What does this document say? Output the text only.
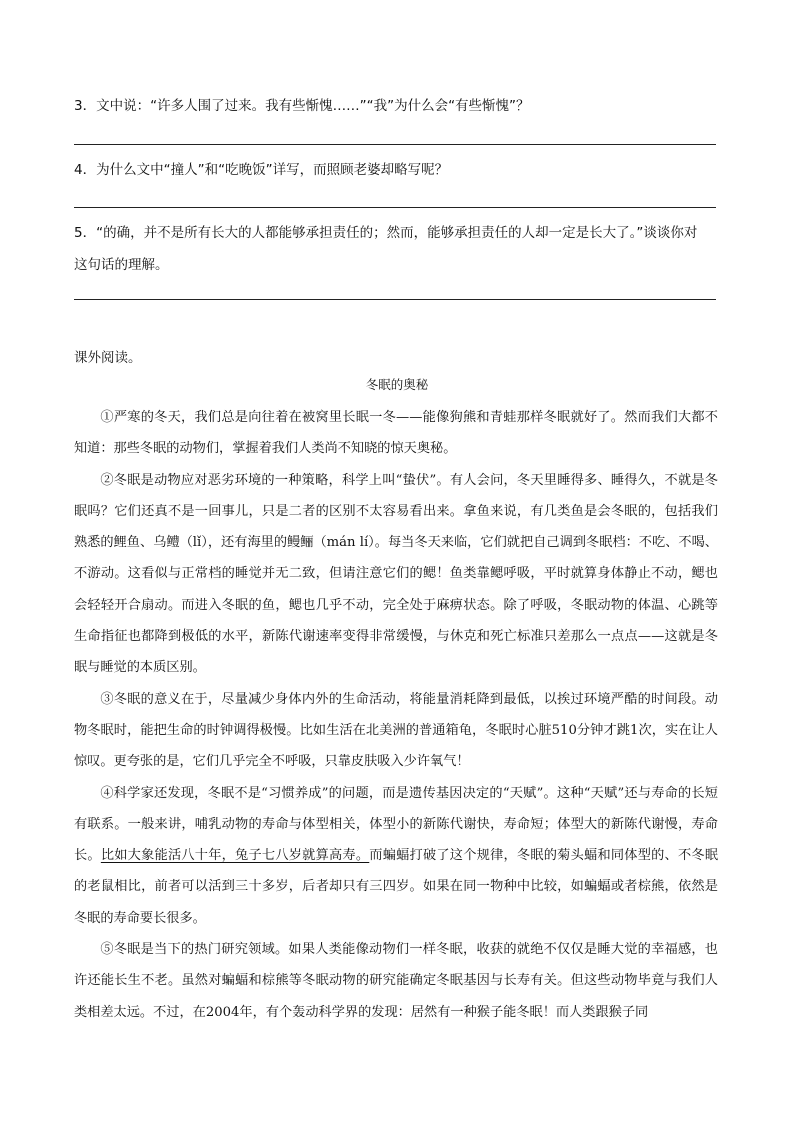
3．文中说：“许多人围了过来。我有些惭愧……”“我”为什么会“有些惭愧”？
4．为什么文中“撞人”和“吃晚饭”详写，而照顾老婆却略写呢？
5．“的确，并不是所有长大的人都能够承担责任的；然而，能够承担责任的人却一定是长大了。”谈谈你对
这句话的理解。
课外阅读。
冬眠的奥秘

①严寒的冬天，我们总是向往着在被窝里长眠一冬——能像狗熊和青蛙那样冬眠就好了。然而我们大都不知道：那些冬眠的动物们，掌握着我们人类尚不知晓的惊天奥秘。

②冬眠是动物应对恶劣环境的一种策略，科学上叫“蛰伏”。有人会问，冬天里睡得多、睡得久，不就是冬眠吗？它们还真不是一回事儿，只是二者的区别不太容易看出来。拿鱼来说，有几类鱼是会冬眠的，包括我们熟悉的鲤鱼、乌鳢（lǐ），还有海里的鳗鲡（mán lí）。每当冬天来临，它们就把自己调到冬眠档：不吃、不喝、不游动。这看似与正常档的睡觉并无二致，但请注意它们的鳃！鱼类靠鳃呼吸，平时就算身体静止不动，鳃也会轻轻开合扇动。而进入冬眠的鱼，鳃也几乎不动，完全处于麻痹状态。除了呼吸，冬眠动物的体温、心跳等生命指征也都降到极低的水平，新陈代谢速率变得非常缓慢，与休克和死亡标准只差那么一点点——这就是冬眠与睡觉的本质区别。

③冬眠的意义在于，尽量减少身体内外的生命活动，将能量消耗降到最低，以挨过环境严酷的时间段。动物冬眠时，能把生命的时钟调得极慢。比如生活在北美洲的普通箱龟，冬眠时心脏510分钟才跳1次，实在让人惊叹。更夸张的是，它们几乎完全不呼吸，只靠皮肤吸入少许氧气！

④科学家还发现，冬眠不是“习惯养成”的问题，而是遗传基因决定的“天赋”。这种“天赋”还与寿命的长短有联系。一般来讲，哺乳动物的寿命与体型相关，体型小的新陈代谢快，寿命短；体型大的新陈代谢慢，寿命长。比如大象能活八十年，兔子七八岁就算高寿。而蝙蝠打破了这个规律，冬眠的菊头蝠和同体型的、不冬眠的老鼠相比，前者可以活到三十多岁，后者却只有三四岁。如果在同一物种中比较，如蝙蝠或者棕熊，依然是冬眠的寿命要长很多。

⑤冬眠是当下的热门研究领域。如果人类能像动物们一样冬眠，收获的就绝不仅仅是睡大觉的幸福感，也许还能长生不老。虽然对蝙蝠和棕熊等冬眠动物的研究能确定冬眠基因与长寿有关。但这些动物毕竟与我们人类相差太远。不过，在2004年，有个轰动科学界的发现：居然有一种猴子能冬眠！而人类跟猴子同
